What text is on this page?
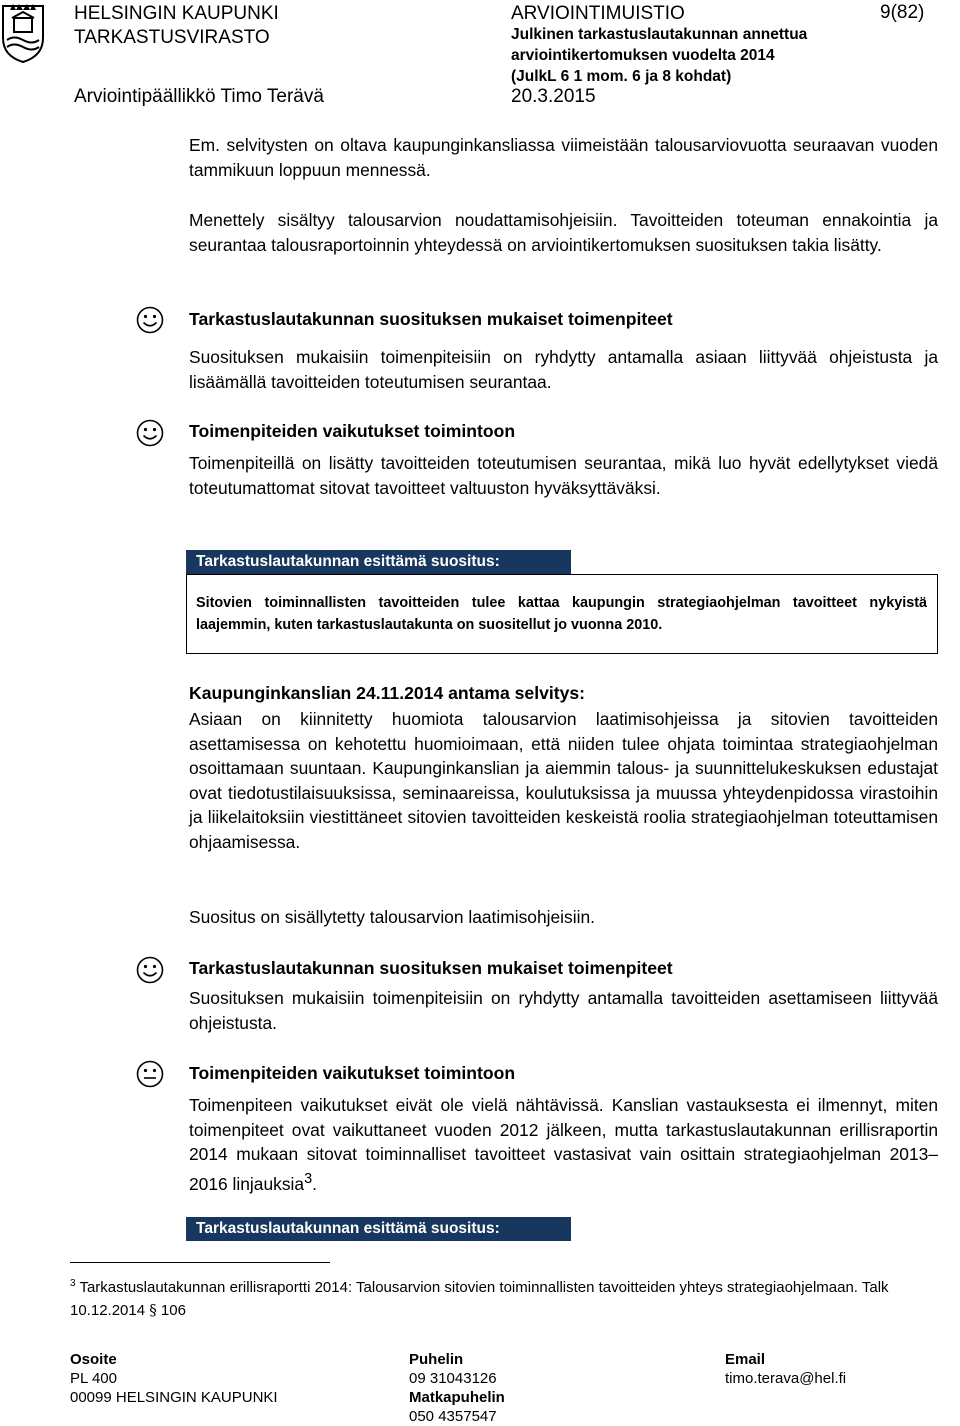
HELSINGIN KAUPUNKI
TARKASTUSVIRASTO
ARVIOINTIMUISTIO
Julkinen tarkastuslautakunnan annettua
arviointikertomuksen vuodelta 2014
(JulkL 6 1 mom. 6 ja 8 kohdat)
9(82)
Arviointipäällikkö Timo Terävä	20.3.2015

Em. selvitysten on oltava kaupunginkansliassa viimeistään talousarviovuotta seuraavan vuoden tammikuun loppuun mennessä.

Menettely sisältyy talousarvion noudattamisohjeisiin. Tavoitteiden toteuman ennakointia ja seurantaa talousraportoinnin yhteydessä on arviointikertomuksen suosituksen takia lisätty.

Tarkastuslautakunnan suosituksen mukaiset toimenpiteet

Suosituksen mukaisiin toimenpiteisiin on ryhdytty antamalla asiaan liittyvää ohjeistusta ja lisäämällä tavoitteiden toteutumisen seurantaa.

Toimenpiteiden vaikutukset toimintoon

Toimenpiteillä on lisätty tavoitteiden toteutumisen seurantaa, mikä luo hyvät edellytykset viedä toteutumattomat sitovat tavoitteet valtuuston hyväksyttäväksi.

Tarkastuslautakunnan esittämä suositus:
Sitovien toiminnallisten tavoitteiden tulee kattaa kaupungin strategiaohjelman tavoitteet nykyistä laajemmin, kuten tarkastuslautakunta on suositellut jo vuonna 2010.
Kaupunginkanslian 24.11.2014 antama selvitys:

Asiaan on kiinnitetty huomiota talousarvion laatimisohjeissa ja sitovien tavoitteiden asettamisessa on kehotettu huomioimaan, että niiden tulee ohjata toimintaa strategiaohjelman osoittamaan suuntaan. Kaupunginkanslian ja aiemmin talous- ja suunnittelukeskuksen edustajat ovat tiedotustilaisuuksissa, seminaareissa, koulutuksissa ja muussa yhteydenpidossa virastoihin ja liikelaitoksiin viestittäneet sitovien tavoitteiden keskeistä roolia strategiaohjelman toteuttamisen ohjaamisessa.

Suositus on sisällytetty talousarvion laatimisohjeisiin.

Tarkastuslautakunnan suosituksen mukaiset toimenpiteet

Suosituksen mukaisiin toimenpiteisiin on ryhdytty antamalla tavoitteiden asettamiseen liittyvää ohjeistusta.

Toimenpiteiden vaikutukset toimintoon

Toimenpiteen vaikutukset eivät ole vielä nähtävissä. Kanslian vastauksesta ei ilmennyt, miten toimenpiteet ovat vaikuttaneet vuoden 2012 jälkeen, mutta tarkastuslautakunnan erillisraportin 2014 mukaan sitovat toiminnalliset tavoitteet vastasivat vain osittain strategiaohjelman 2013–2016 linjauksia$^3$.

Tarkastuslautakunnan esittämä suositus:
$^3$ Tarkastuslautakunnan erillisraportti 2014: Talousarvion sitovien toiminnallisten tavoitteiden yhteys strategiaohjelmaan. Talk 10.12.2014 § 106
Osoite
PL 400
00099 HELSINGIN KAUPUNKI
Puhelin
09 31043126
Matkapuhelin
050 4357547
Email
timo.terava@hel.fi
